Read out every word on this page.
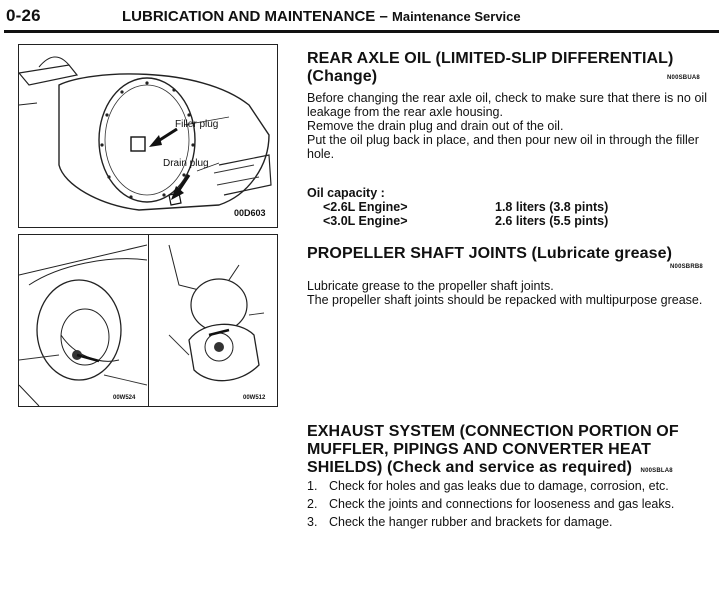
0-26	LUBRICATION AND MAINTENANCE – Maintenance Service
Filler plug
Drain plug
00D603
00W524	00W512
REAR AXLE OIL (LIMITED-SLIP DIFFERENTIAL)
(Change)	N00SBUA8

Before changing the rear axle oil, check to make sure that there is no oil leakage from the rear axle housing.

Remove the drain plug and drain out of the oil.

Put the oil plug back in place, and then pour new oil in through the filler hole.

Oil capacity :
<2.6L Engine>	1.8 liters (3.8 pints)
<3.0L Engine>	2.6 liters (5.5 pints)
PROPELLER SHAFT JOINTS (Lubricate grease)
N00SBRB8

Lubricate grease to the propeller shaft joints.

The propeller shaft joints should be repacked with multipurpose grease.

EXHAUST SYSTEM (CONNECTION PORTION OF
MUFFLER, PIPINGS AND CONVERTER HEAT
SHIELDS) (Check and service as required) N00SBLA8
1. Check for holes and gas leaks due to damage, corrosion, etc.
2. Check the joints and connections for looseness and gas leaks.
3. Check the hanger rubber and brackets for damage.
